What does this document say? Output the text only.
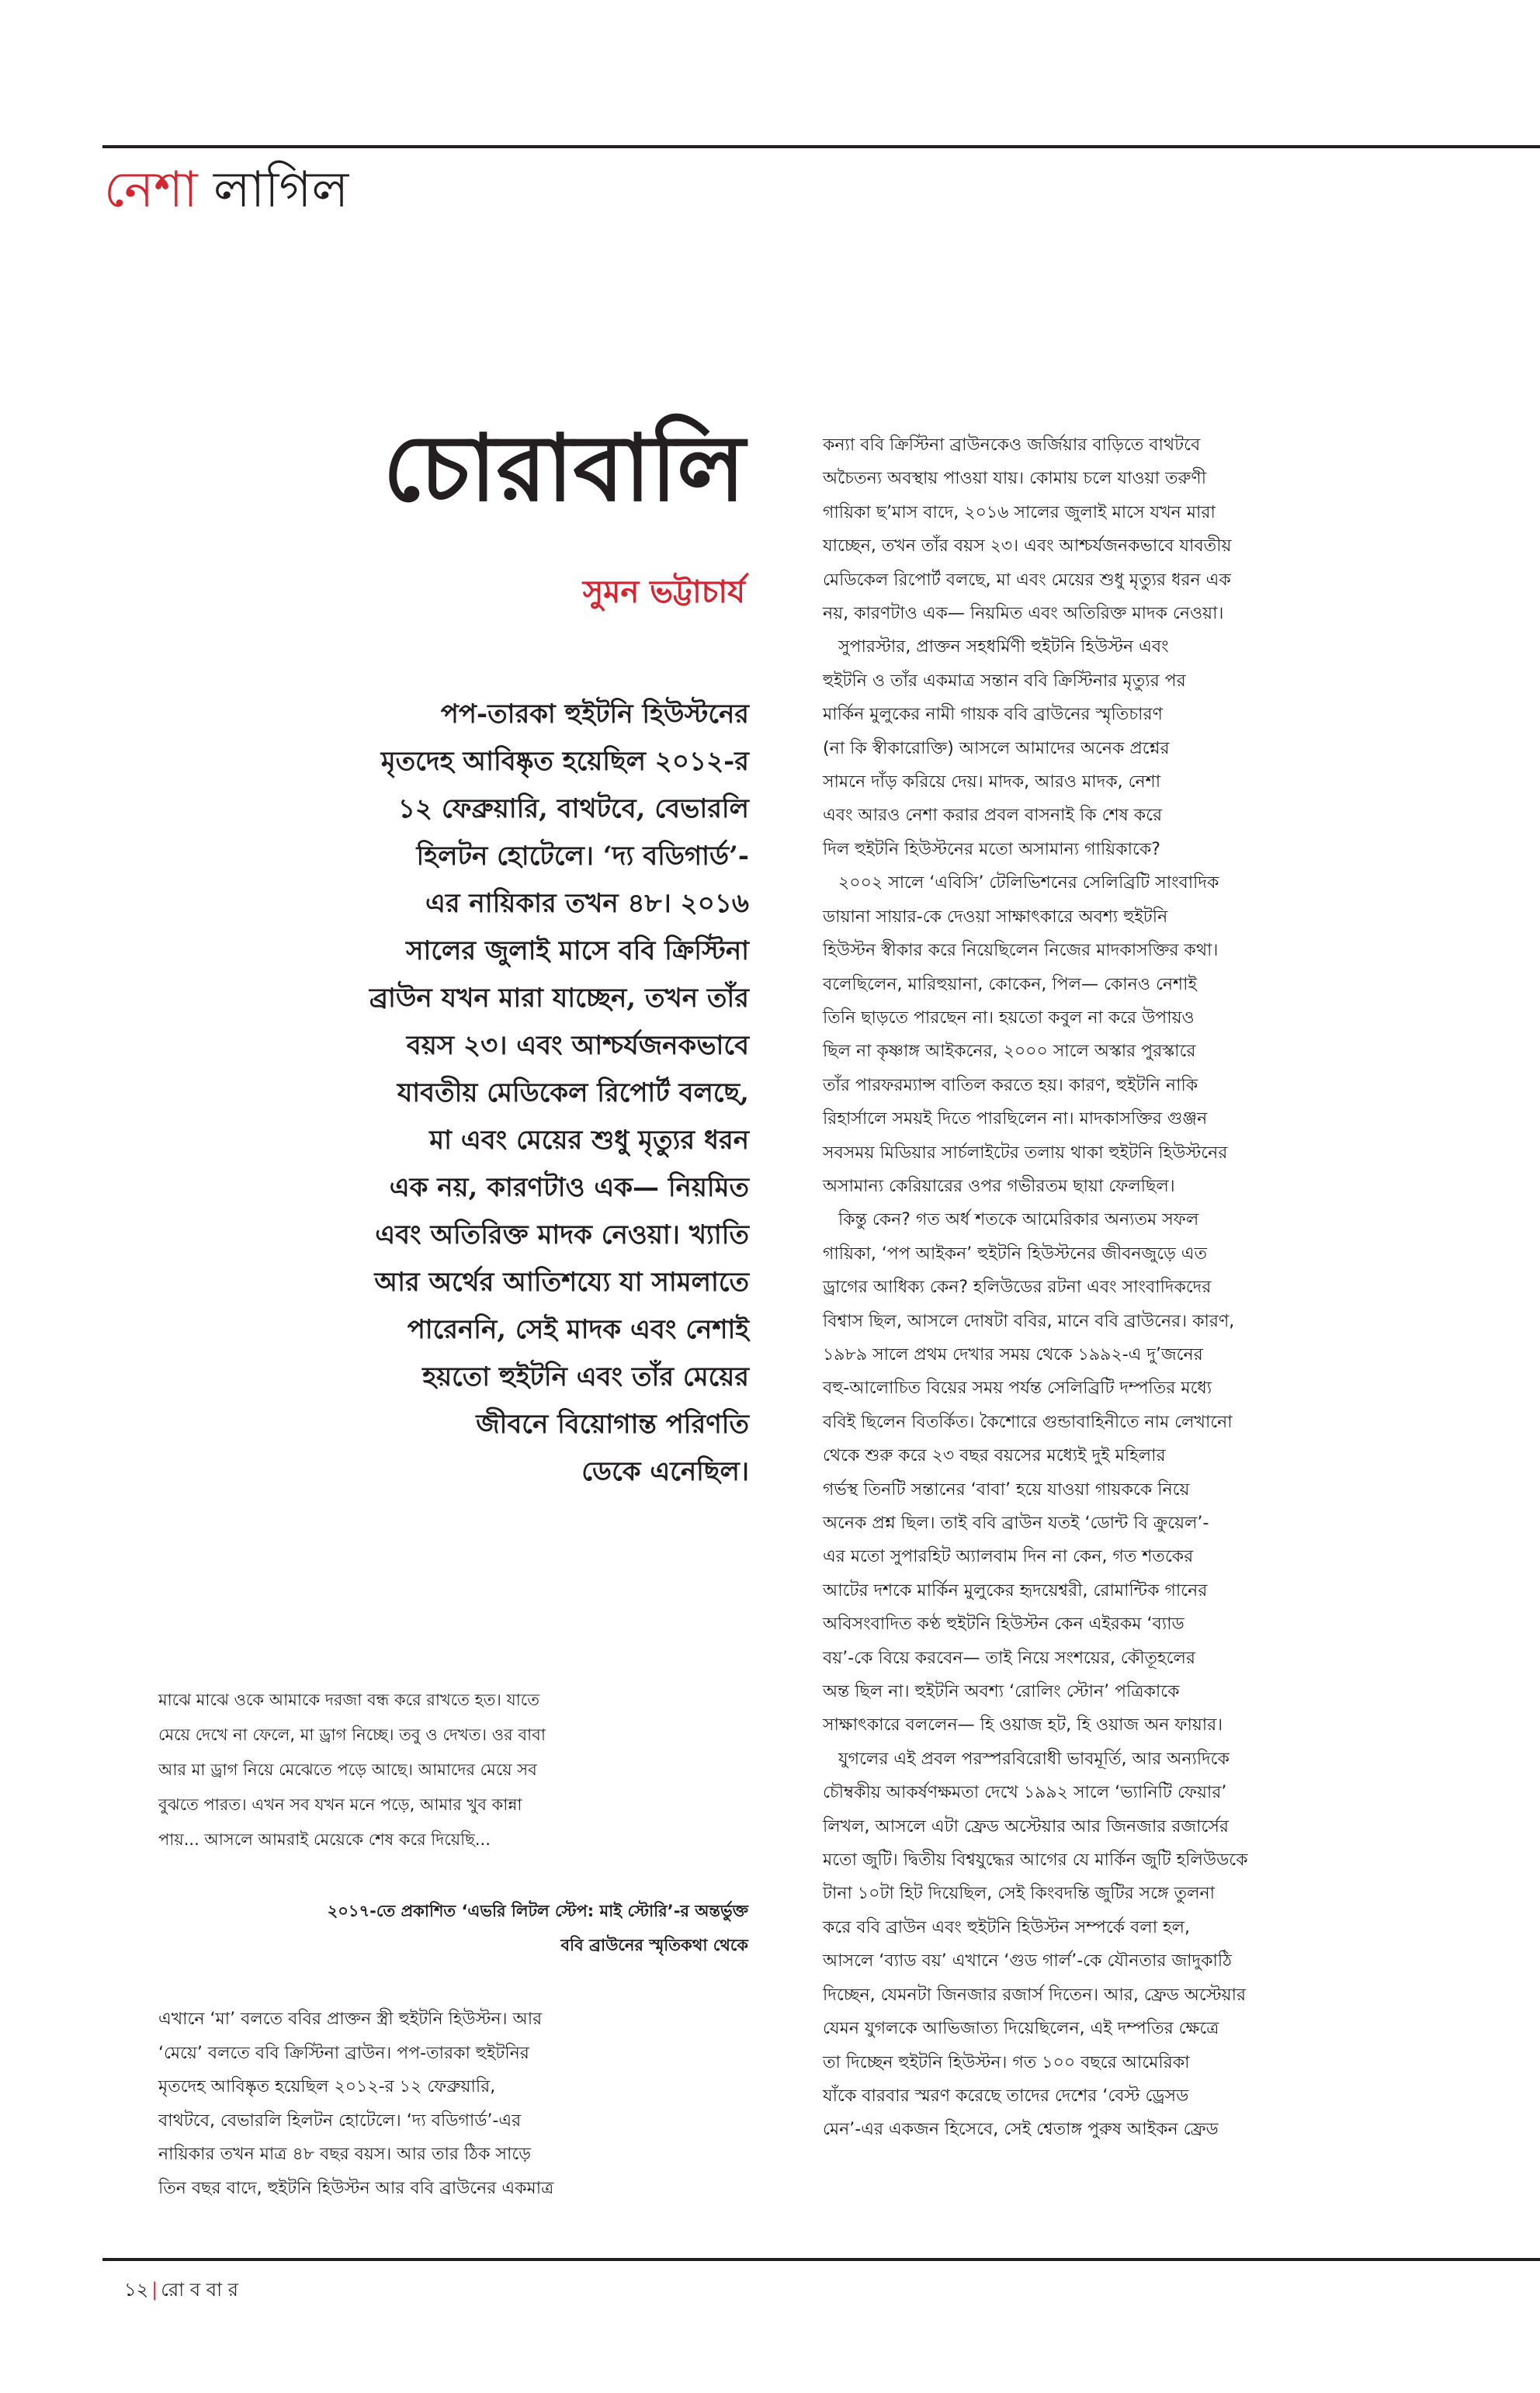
নেশা লাগিল
চোরাবালি
সুমন ভট্টাচার্য
পপ-তারকা হুইটনি হিউস্টনের
মৃতদেহ আবিষ্কৃত হয়েছিল ২০১২-র
১২ ফেব্রুয়ারি, বাথটবে, বেভারলি
হিলটন হোটেলে। ‘দ্য বডিগার্ড’-
এর নায়িকার তখন ৪৮। ২০১৬
সালের জুলাই মাসে ববি ক্রিস্টিনা
ব্রাউন যখন মারা যাচ্ছেন, তখন তাঁর
বয়স ২৩। এবং আশ্চর্যজনকভাবে
যাবতীয় মেডিকেল রিপোর্ট বলছে,
মা এবং মেয়ের শুধু মৃত্যুর ধরন
এক নয়, কারণটাও এক— নিয়মিত
এবং অতিরিক্ত মাদক নেওয়া। খ্যাতি
আর অর্থের আতিশয্যে যা সামলাতে
পারেননি, সেই মাদক এবং নেশাই
হয়তো হুইটনি এবং তাঁর মেয়ের
জীবনে বিয়োগান্ত পরিণতি
ডেকে এনেছিল।
মাঝে মাঝে ওকে আমাকে দরজা বন্ধ করে রাখতে হত। যাতে
মেয়ে দেখে না ফেলে, মা ড্রাগ নিচ্ছে। তবু ও দেখত। ওর বাবা
আর মা ড্রাগ নিয়ে মেঝেতে পড়ে আছে। আমাদের মেয়ে সব
বুঝতে পারত। এখন সব যখন মনে পড়ে, আমার খুব কান্না
পায়... আসলে আমরাই মেয়েকে শেষ করে দিয়েছি...
২০১৭-তে প্রকাশিত ‘এভরি লিটল স্টেপ: মাই স্টোরি’-র অন্তর্ভুক্ত
ববি ব্রাউনের স্মৃতিকথা থেকে
এখানে ‘মা’ বলতে ববির প্রাক্তন স্ত্রী হুইটনি হিউস্টন। আর
‘মেয়ে’ বলতে ববি ক্রিস্টিনা ব্রাউন। পপ-তারকা হুইটনির
মৃতদেহ আবিষ্কৃত হয়েছিল ২০১২-র ১২ ফেব্রুয়ারি,
বাথটবে, বেভারলি হিলটন হোটেলে। ‘দ্য বডিগার্ড’-এর
নায়িকার তখন মাত্র ৪৮ বছর বয়স। আর তার ঠিক সাড়ে
তিন বছর বাদে, হুইটনি হিউস্টন আর ববি ব্রাউনের একমাত্র
কন্যা ববি ক্রিস্টিনা ব্রাউনকেও জর্জিয়ার বাড়িতে বাথটবে
অচৈতন্য অবস্থায় পাওয়া যায়। কোমায় চলে যাওয়া তরুণী
গায়িকা ছ’মাস বাদে, ২০১৬ সালের জুলাই মাসে যখন মারা
যাচ্ছেন, তখন তাঁর বয়স ২৩। এবং আশ্চর্যজনকভাবে যাবতীয়
মেডিকেল রিপোর্ট বলছে, মা এবং মেয়ের শুধু মৃত্যুর ধরন এক
নয়, কারণটাও এক— নিয়মিত এবং অতিরিক্ত মাদক নেওয়া।
সুপারস্টার, প্রাক্তন সহধর্মিণী হুইটনি হিউস্টন এবং
হুইটনি ও তাঁর একমাত্র সন্তান ববি ক্রিস্টিনার মৃত্যুর পর
মার্কিন মুলুকের নামী গায়ক ববি ব্রাউনের স্মৃতিচারণ
(না কি স্বীকারোক্তি) আসলে আমাদের অনেক প্রশ্নের
সামনে দাঁড় করিয়ে দেয়। মাদক, আরও মাদক, নেশা
এবং আরও নেশা করার প্রবল বাসনাই কি শেষ করে
দিল হুইটনি হিউস্টনের মতো অসামান্য গায়িকাকে?
২০০২ সালে ‘এবিসি’ টেলিভিশনের সেলিব্রিটি সাংবাদিক
ডায়ানা সায়ার-কে দেওয়া সাক্ষাৎকারে অবশ্য হুইটনি
হিউস্টন স্বীকার করে নিয়েছিলেন নিজের মাদকাসক্তির কথা।
বলেছিলেন, মারিহুয়ানা, কোকেন, পিল— কোনও নেশাই
তিনি ছাড়তে পারছেন না। হয়তো কবুল না করে উপায়ও
ছিল না কৃষ্ণাঙ্গ আইকনের, ২০০০ সালে অস্কার পুরস্কারে
তাঁর পারফরম্যান্স বাতিল করতে হয়। কারণ, হুইটনি নাকি
রিহার্সালে সময়ই দিতে পারছিলেন না। মাদকাসক্তির গুঞ্জন
সবসময় মিডিয়ার সার্চলাইটের তলায় থাকা হুইটনি হিউস্টনের
অসামান্য কেরিয়ারের ওপর গভীরতম ছায়া ফেলছিল।
কিন্তু কেন? গত অর্ধ শতকে আমেরিকার অন্যতম সফল
গায়িকা, ‘পপ আইকন’ হুইটনি হিউস্টনের জীবনজুড়ে এত
ড্রাগের আধিক্য কেন? হলিউডের রটনা এবং সাংবাদিকদের
বিশ্বাস ছিল, আসলে দোষটা ববির, মানে ববি ব্রাউনের। কারণ,
১৯৮৯ সালে প্রথম দেখার সময় থেকে ১৯৯২-এ দু’জনের
বহু-আলোচিত বিয়ের সময় পর্যন্ত সেলিব্রিটি দম্পতির মধ্যে
ববিই ছিলেন বিতর্কিত। কৈশোরে গুন্ডাবাহিনীতে নাম লেখানো
থেকে শুরু করে ২৩ বছর বয়সের মধ্যেই দুই মহিলার
গর্ভস্থ তিনটি সন্তানের ‘বাবা’ হয়ে যাওয়া গায়ককে নিয়ে
অনেক প্রশ্ন ছিল। তাই ববি ব্রাউন যতই ‘ডোন্ট বি ক্রুয়েল’-
এর মতো সুপারহিট অ্যালবাম দিন না কেন, গত শতকের
আটের দশকে মার্কিন মুলুকের হৃদয়েশ্বরী, রোমান্টিক গানের
অবিসংবাদিত কণ্ঠ হুইটনি হিউস্টন কেন এইরকম ‘ব্যাড
বয়’-কে বিয়ে করবেন— তাই নিয়ে সংশয়ের, কৌতূহলের
অন্ত ছিল না। হুইটনি অবশ্য ‘রোলিং স্টোন’ পত্রিকাকে
সাক্ষাৎকারে বললেন— হি ওয়াজ হট, হি ওয়াজ অন ফায়ার।
যুগলের এই প্রবল পরস্পরবিরোধী ভাবমূর্তি, আর অন্যদিকে
চৌম্বকীয় আকর্ষণক্ষমতা দেখে ১৯৯২ সালে ‘ভ্যানিটি ফেয়ার’
লিখল, আসলে এটা ফ্রেড অস্টেয়ার আর জিনজার রজার্সের
মতো জুটি। দ্বিতীয় বিশ্বযুদ্ধের আগের যে মার্কিন জুটি হলিউডকে
টানা ১০টা হিট দিয়েছিল, সেই কিংবদন্তি জুটির সঙ্গে তুলনা
করে ববি ব্রাউন এবং হুইটনি হিউস্টন সম্পর্কে বলা হল,
আসলে ‘ব্যাড বয়’ এখানে ‘গুড গার্ল’-কে যৌনতার জাদুকাঠি
দিচ্ছেন, যেমনটা জিনজার রজার্স দিতেন। আর, ফ্রেড অস্টেয়ার
যেমন যুগলকে আভিজাত্য দিয়েছিলেন, এই দম্পতির ক্ষেত্রে
তা দিচ্ছেন হুইটনি হিউস্টন। গত ১০০ বছরে আমেরিকা
যাঁকে বারবার স্মরণ করেছে তাদের দেশের ‘বেস্ট ড্রেসড
মেন’-এর একজন হিসেবে, সেই শ্বেতাঙ্গ পুরুষ আইকন ফ্রেড
১২ | রো ব বা র
